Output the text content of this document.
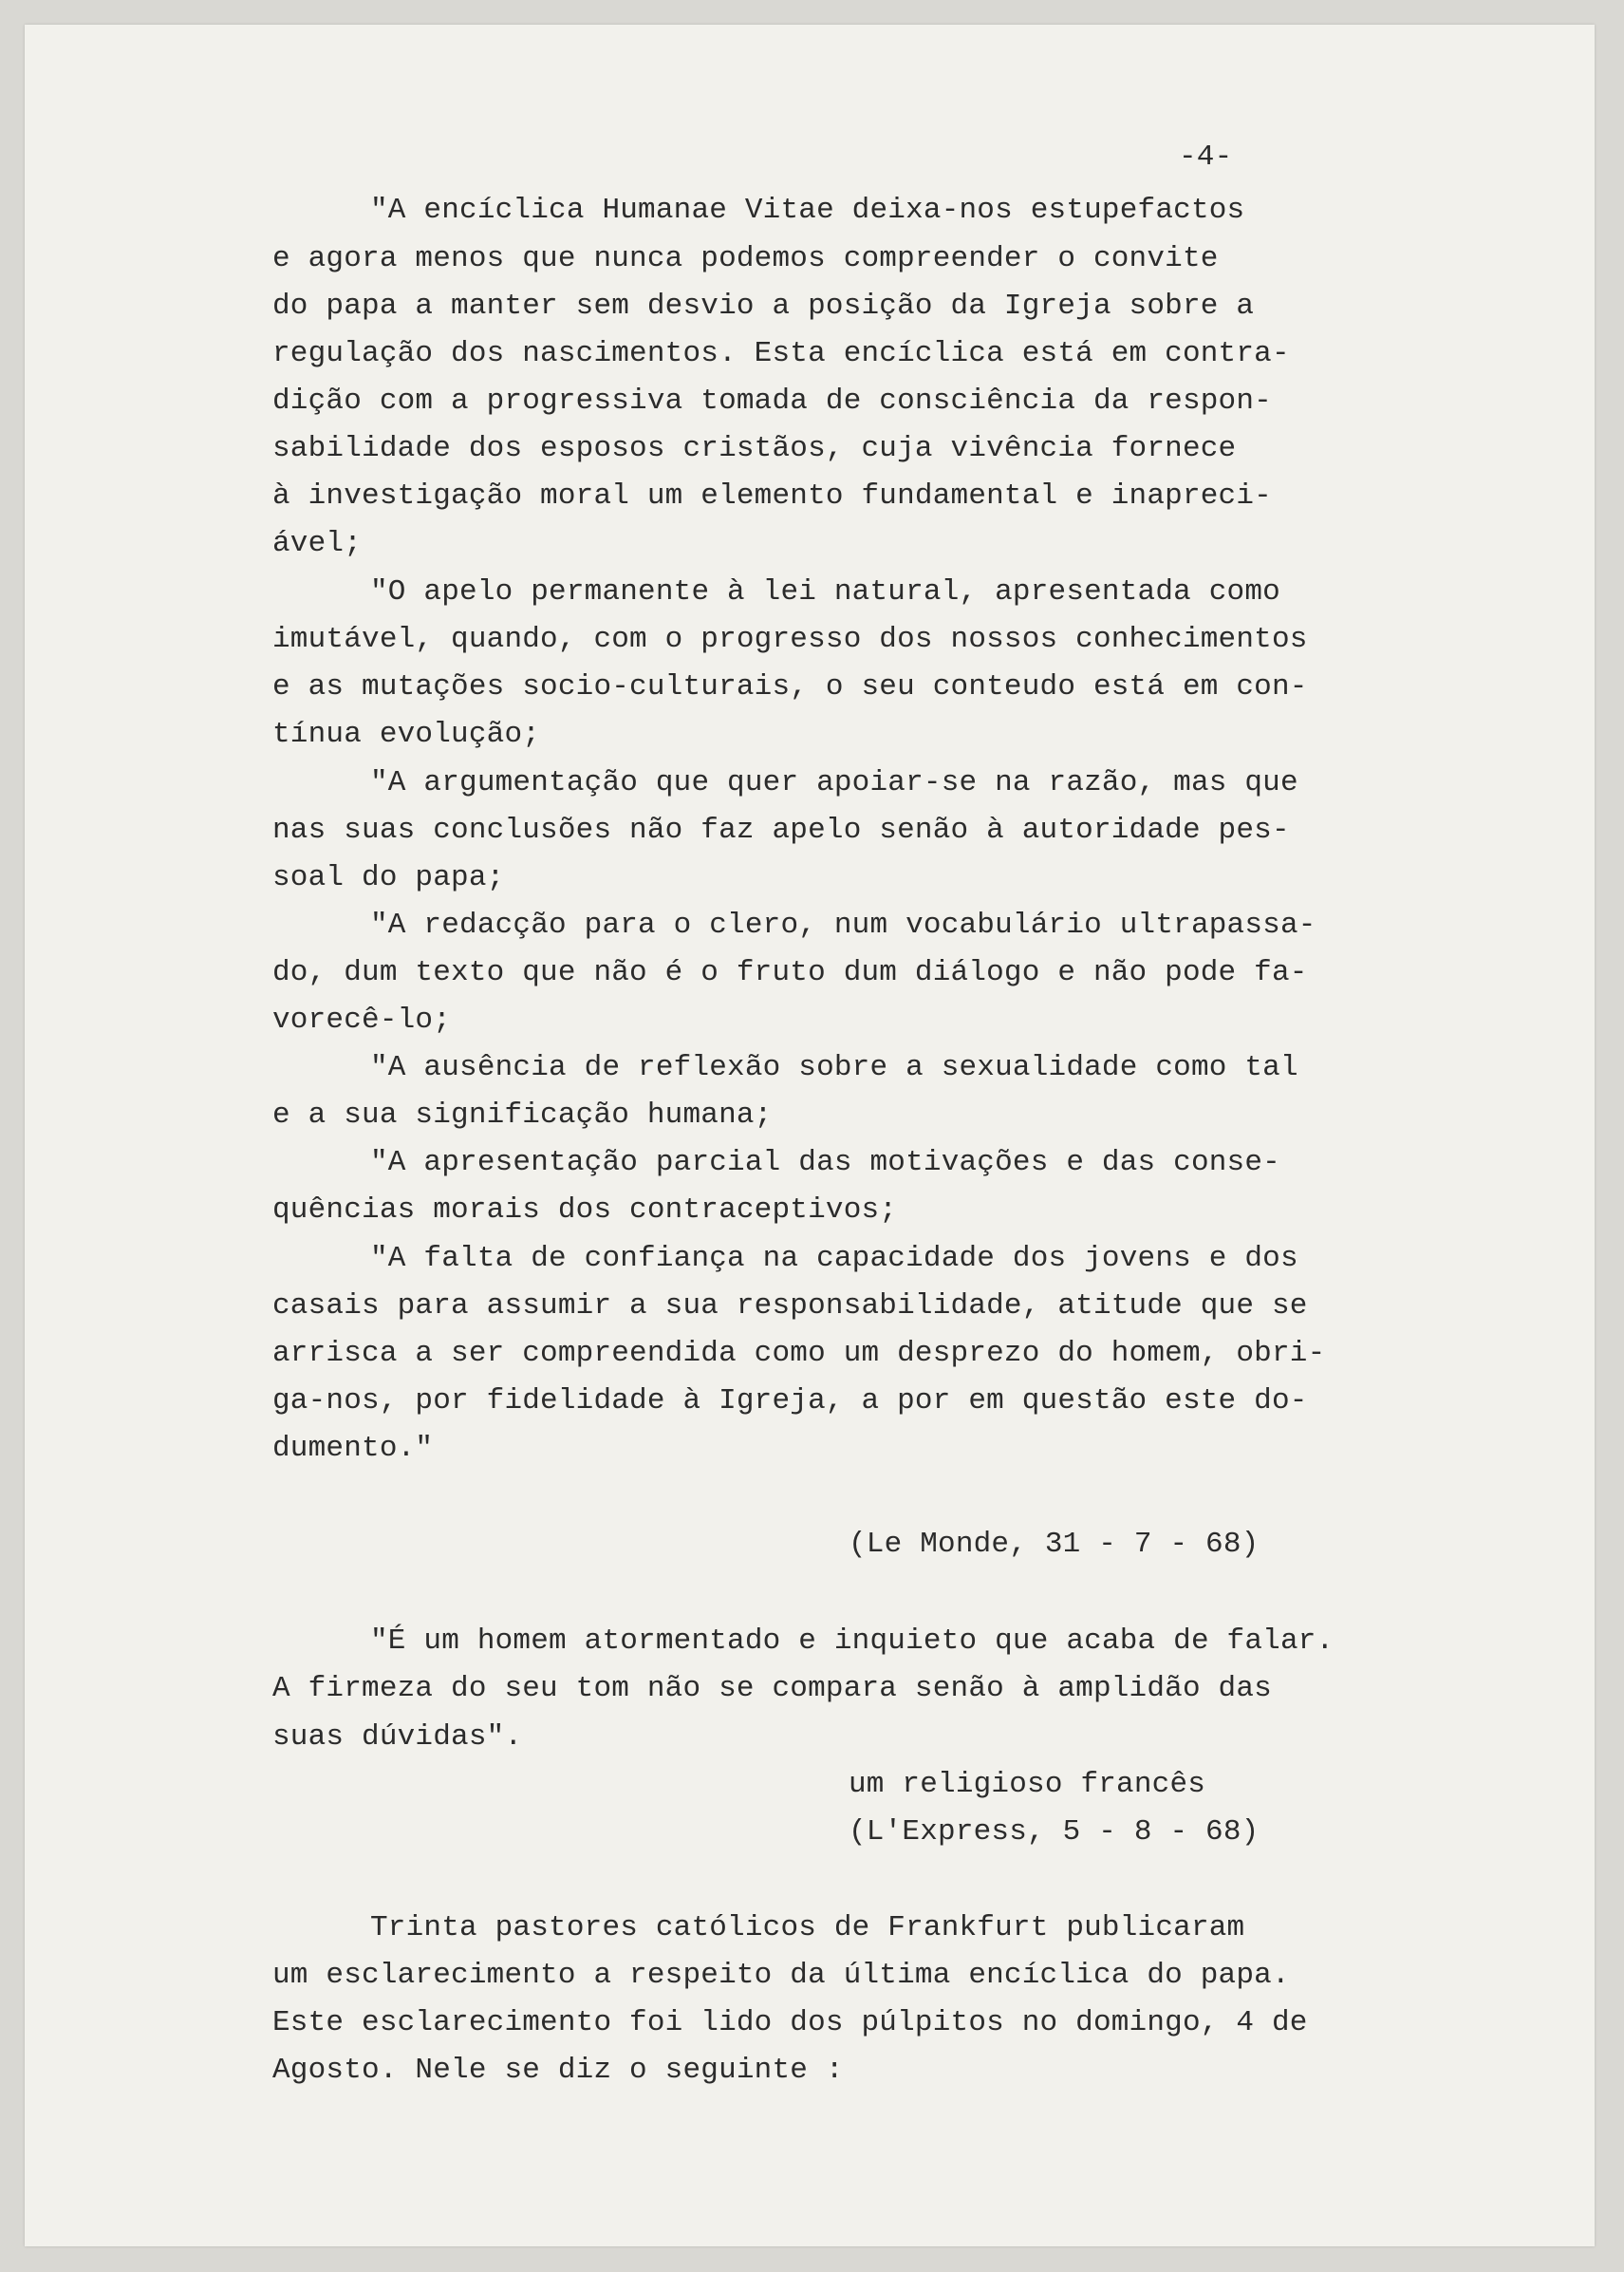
-4-

"A encíclica Humanae Vitae deixa-nos estupefactos

e agora menos que nunca podemos compreender o convite

do papa a manter sem desvio a posição da Igreja sobre a

regulação dos nascimentos. Esta encíclica está em contra-

dição com a progressiva tomada de consciência da respon-

sabilidade dos esposos cristãos, cuja vivência fornece

à investigação moral um elemento fundamental e inapreci-

ável;

"O apelo permanente à lei natural, apresentada como

imutável, quando, com o progresso dos nossos conhecimentos

e as mutações socio-culturais, o seu conteudo está em con-

tínua evolução;

"A argumentação que quer apoiar-se na razão, mas que

nas suas conclusões não faz apelo senão à autoridade pes-

soal do papa;

"A redacção para o clero, num vocabulário ultrapassa-

do, dum texto que não é o fruto dum diálogo e não pode fa-

vorecê-lo;

"A ausência de reflexão sobre a sexualidade como tal

e a sua significação humana;

"A apresentação parcial das motivações e das conse-

quências morais dos contraceptivos;

"A falta de confiança na capacidade dos jovens e dos

casais para assumir a sua responsabilidade, atitude que se

arrisca a ser compreendida como um desprezo do homem, obri-

ga-nos, por fidelidade à Igreja, a por em questão este do-

dumento."

(Le Monde, 31 - 7 - 68)

"É um homem atormentado e inquieto que acaba de falar.

A firmeza do seu tom não se compara senão à amplidão das

suas dúvidas".

um religioso francês

(L'Express, 5 - 8 - 68)

Trinta pastores católicos de Frankfurt publicaram

um esclarecimento a respeito da última encíclica do papa.

Este esclarecimento foi lido dos púlpitos no domingo, 4 de

Agosto. Nele se diz o seguinte :
